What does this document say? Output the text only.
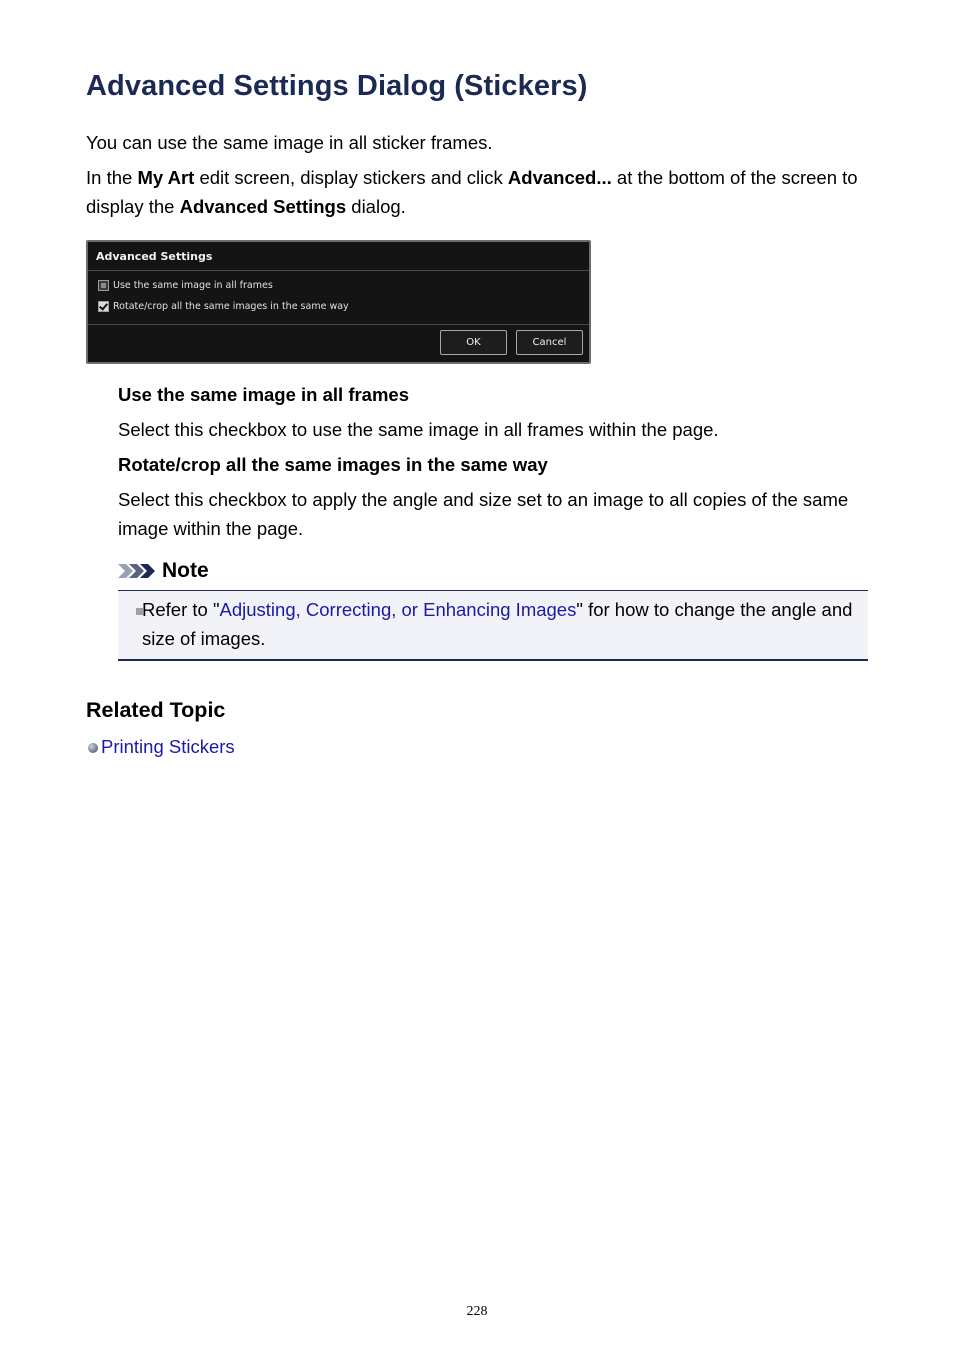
Advanced Settings Dialog (Stickers)

You can use the same image in all sticker frames.

In the My Art edit screen, display stickers and click Advanced... at the bottom of the screen to display the Advanced Settings dialog.

Advanced Settings
Use the same image in all frames
Rotate/crop all the same images in the same way
OK	Cancel

Use the same image in all frames

Select this checkbox to use the same image in all frames within the page.

Rotate/crop all the same images in the same way

Select this checkbox to apply the angle and size set to an image to all copies of the same image within the page.

Note

Refer to "Adjusting, Correcting, or Enhancing Images" for how to change the angle and size of images.

Related Topic
Printing Stickers
228
